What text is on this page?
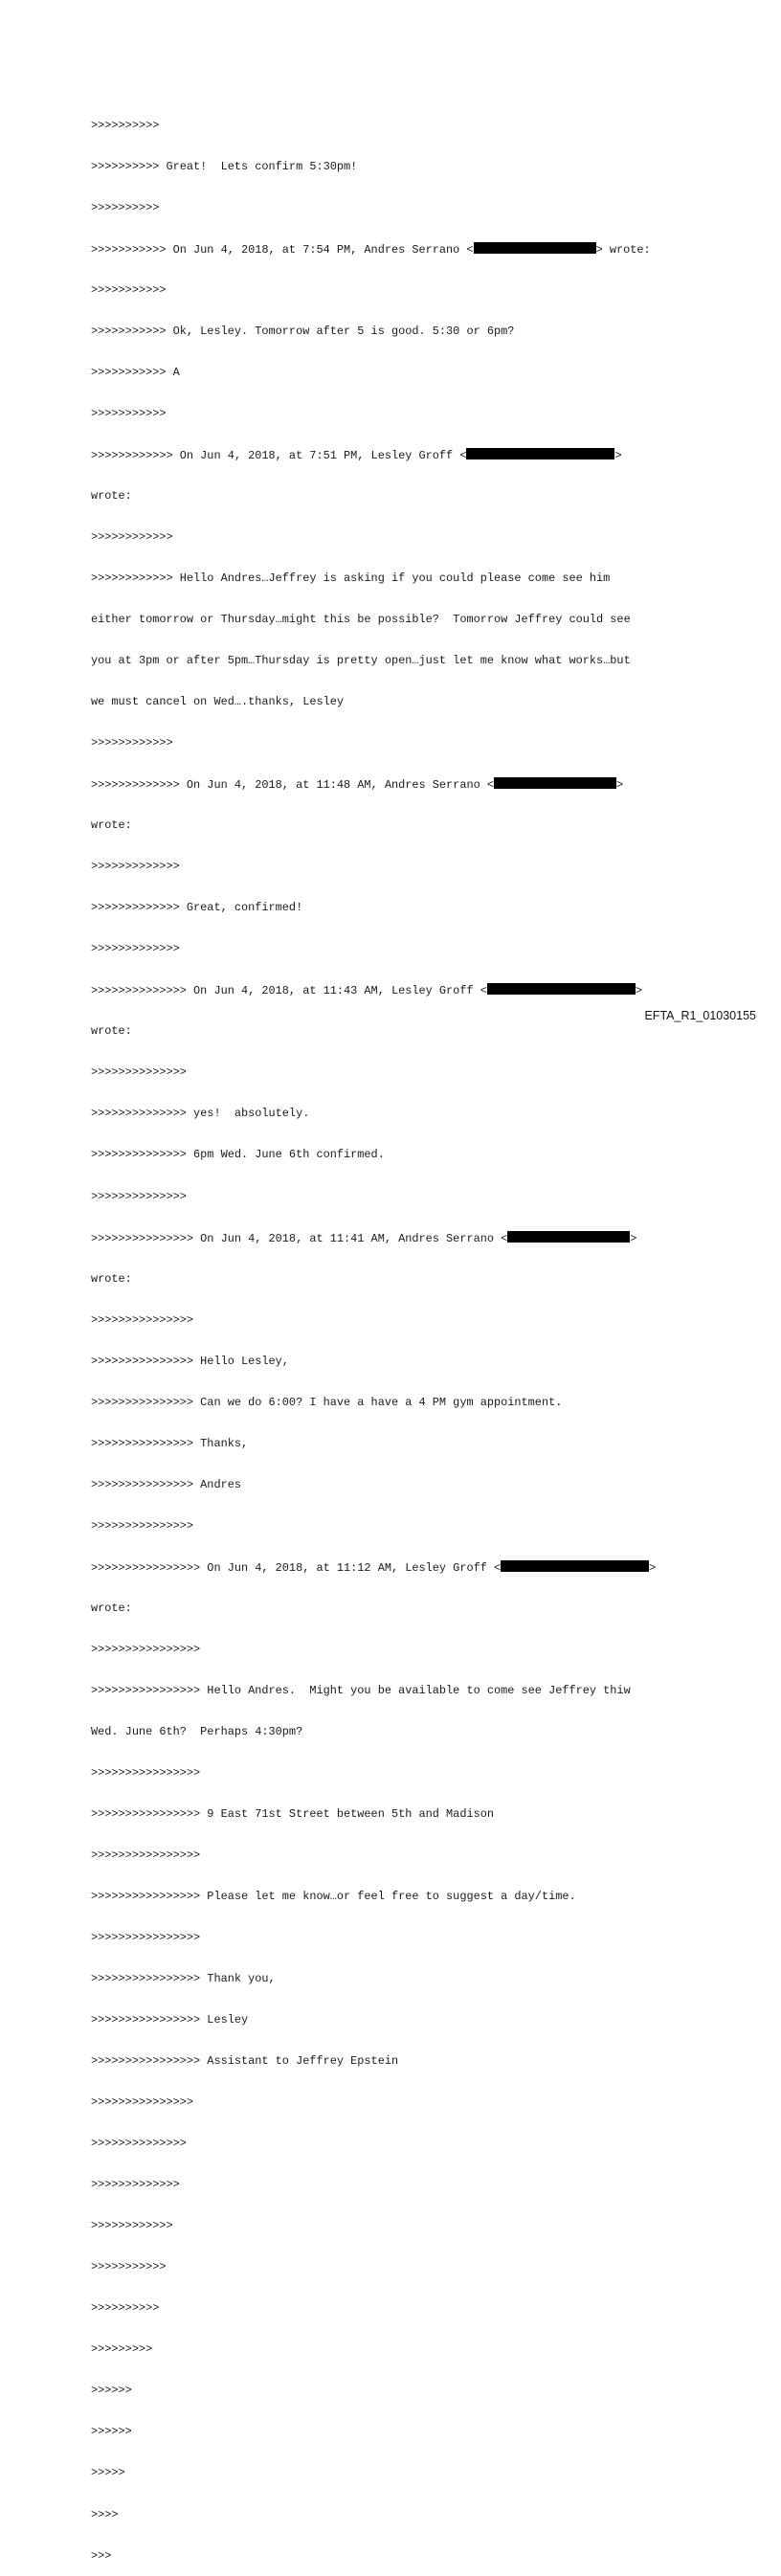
>>>>>>>>>>

>>>>>>>>>> Great!  Lets confirm 5:30pm!

>>>>>>>>>>

>>>>>>>>>>> On Jun 4, 2018, at 7:54 PM, Andres Serrano <	> wrote:

>>>>>>>>>>>

>>>>>>>>>>> Ok, Lesley. Tomorrow after 5 is good. 5:30 or 6pm?

>>>>>>>>>>> A

>>>>>>>>>>>

>>>>>>>>>>>> On Jun 4, 2018, at 7:51 PM, Lesley Groff <	>

wrote:

>>>>>>>>>>>>

>>>>>>>>>>>> Hello Andres…Jeffrey is asking if you could please come see him

either tomorrow or Thursday…might this be possible?  Tomorrow Jeffrey could see

you at 3pm or after 5pm…Thursday is pretty open…just let me know what works…but

we must cancel on Wed….thanks, Lesley

>>>>>>>>>>>>

>>>>>>>>>>>>> On Jun 4, 2018, at 11:48 AM, Andres Serrano <	>

wrote:

>>>>>>>>>>>>>

>>>>>>>>>>>>> Great, confirmed!

>>>>>>>>>>>>>

>>>>>>>>>>>>>> On Jun 4, 2018, at 11:43 AM, Lesley Groff <	>

wrote:

>>>>>>>>>>>>>>

>>>>>>>>>>>>>> yes!  absolutely.

>>>>>>>>>>>>>> 6pm Wed. June 6th confirmed.

>>>>>>>>>>>>>>

>>>>>>>>>>>>>>> On Jun 4, 2018, at 11:41 AM, Andres Serrano <	>

wrote:

>>>>>>>>>>>>>>>

>>>>>>>>>>>>>>> Hello Lesley,

>>>>>>>>>>>>>>> Can we do 6:00? I have a have a 4 PM gym appointment.

>>>>>>>>>>>>>>> Thanks,

>>>>>>>>>>>>>>> Andres

>>>>>>>>>>>>>>>

>>>>>>>>>>>>>>>> On Jun 4, 2018, at 11:12 AM, Lesley Groff <	>

wrote:

>>>>>>>>>>>>>>>>

>>>>>>>>>>>>>>>> Hello Andres.  Might you be available to come see Jeffrey thiw

Wed. June 6th?  Perhaps 4:30pm?

>>>>>>>>>>>>>>>>

>>>>>>>>>>>>>>>> 9 East 71st Street between 5th and Madison

>>>>>>>>>>>>>>>>

>>>>>>>>>>>>>>>> Please let me know…or feel free to suggest a day/time.

>>>>>>>>>>>>>>>>

>>>>>>>>>>>>>>>> Thank you,

>>>>>>>>>>>>>>>> Lesley

>>>>>>>>>>>>>>>> Assistant to Jeffrey Epstein

>>>>>>>>>>>>>>>

>>>>>>>>>>>>>>

>>>>>>>>>>>>>

>>>>>>>>>>>>

>>>>>>>>>>>

>>>>>>>>>>

>>>>>>>>>

>>>>>>

>>>>>>

>>>>>

>>>>

>>>

EFTA_R1_01030155
